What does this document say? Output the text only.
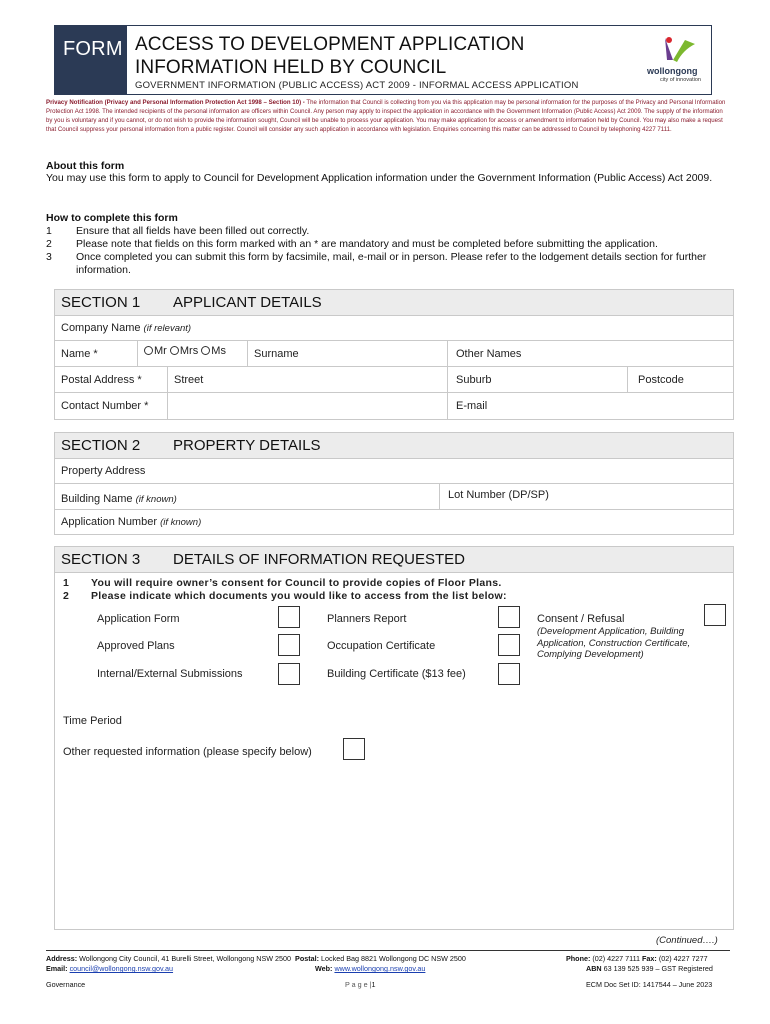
FORM ACCESS TO DEVELOPMENT APPLICATION
INFORMATION HELD BY COUNCIL
GOVERNMENT INFORMATION (PUBLIC ACCESS) ACT 2009 - INFORMAL ACCESS APPLICATION
wollongong
city of innovation
Privacy Notification (Privacy and Personal Information Protection Act 1998 – Section 10) - The information that Council is collecting from you via this application may be personal information for the purposes of the Privacy and Personal Information Protection Act 1998. The intended recipients of the personal information are officers within Council. Any person may apply to inspect the application in accordance with the Government Information (Public Access) Act 2009. The supply of the information by you is voluntary and if you cannot, or do not wish to provide the information sought, Council will be unable to process your application. You may make application for access or amendment to information held by Council. You may also make a request that Council suppress your personal information from a public register. Council will consider any such application in accordance with legislation. Enquiries concerning this matter can be addressed to Council by telephoning 4227 7111.
About this form
You may use this form to apply to Council for Development Application information under the Government Information (Public Access) Act 2009.
How to complete this form
1 Ensure that all fields have been filled out correctly.
2 Please note that fields on this form marked with an * are mandatory and must be completed before submitting the application.
3 Once completed you can submit this form by facsimile, mail, e-mail or in person. Please refer to the lodgement details section for further information.
SECTION 1 APPLICANT DETAILS
Company Name (if relevant)
Name *	Mr Mrs Ms	Surname	Other Names
Postal Address *	Street	Suburb	Postcode
Contact Number *	E-mail
SECTION 2 PROPERTY DETAILS
Property Address
Building Name (if known)	Lot Number (DP/SP)
Application Number (if known)
SECTION 3 DETAILS OF INFORMATION REQUESTED
1 You will require owner’s consent for Council to provide copies of Floor Plans.
2 Please indicate which documents you would like to access from the list below:
Application Form
Approved Plans
Internal/External Submissions
Planners Report
Occupation Certificate
Building Certificate ($13 fee)
Consent / Refusal
(Development Application, Building Application, Construction Certificate, Complying Development)
Time Period
Other requested information (please specify below)
(Continued….)
Address: Wollongong City Council, 41 Burelli Street, Wollongong NSW 2500 Postal: Locked Bag 8821 Wollongong DC NSW 2500
Email: council@wollongong.nsw.gov.au	Web: www.wollongong.nsw.gov.au
Phone: (02) 4227 7111 Fax: (02) 4227 7277
ABN 63 139 525 939 – GST Registered
Governance	P a g e |1	ECM Doc Set ID: 1417544 – June 2023
